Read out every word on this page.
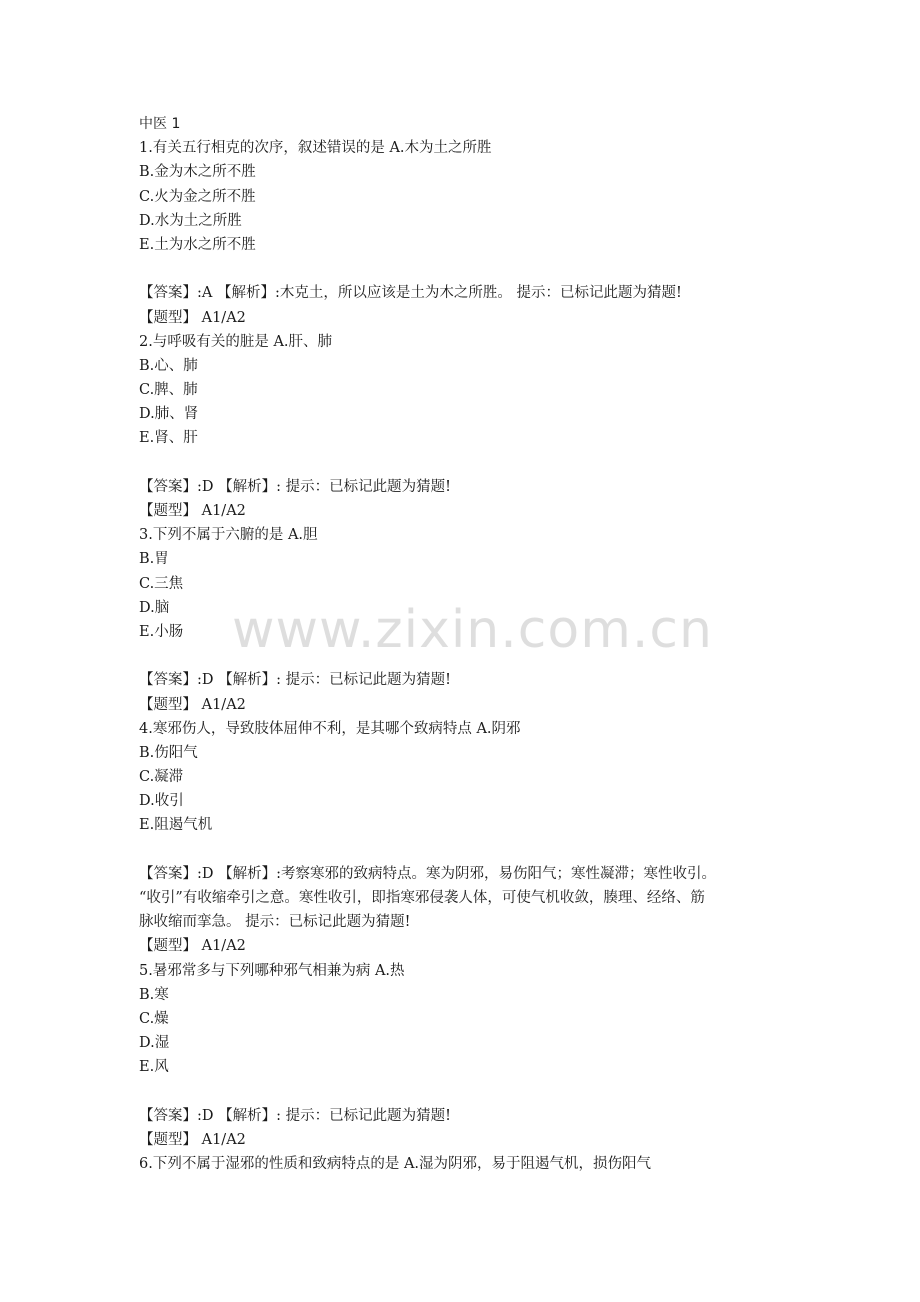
中医 1
1.有关五行相克的次序，叙述错误的是 A.木为土之所胜
B.金为木之所不胜
C.火为金之所不胜
D.水为土之所胜
E.土为水之所不胜
【答案】:A 【解析】:木克土，所以应该是土为木之所胜。 提示：已标记此题为猜题!
【题型】 A1/A2
2.与呼吸有关的脏是 A.肝、肺
B.心、肺
C.脾、肺
D.肺、肾
E.肾、肝
【答案】:D 【解析】: 提示：已标记此题为猜题!
【题型】 A1/A2
3.下列不属于六腑的是 A.胆
B.胃
C.三焦
D.脑
E.小肠
【答案】:D 【解析】: 提示：已标记此题为猜题!
【题型】 A1/A2
4.寒邪伤人，导致肢体屈伸不利，是其哪个致病特点 A.阴邪
B.伤阳气
C.凝滞
D.收引
E.阻遏气机
【答案】:D 【解析】:考察寒邪的致病特点。寒为阴邪，易伤阳气；寒性凝滞；寒性收引。
“收引”有收缩牵引之意。寒性收引，即指寒邪侵袭人体，可使气机收敛，腠理、经络、筋
脉收缩而挛急。 提示：已标记此题为猜题!
【题型】 A1/A2
5.暑邪常多与下列哪种邪气相兼为病 A.热
B.寒
C.燥
D.湿
E.风
【答案】:D 【解析】: 提示：已标记此题为猜题!
【题型】 A1/A2
6.下列不属于湿邪的性质和致病特点的是 A.湿为阴邪，易于阻遏气机，损伤阳气
www.zixin.com.cn
